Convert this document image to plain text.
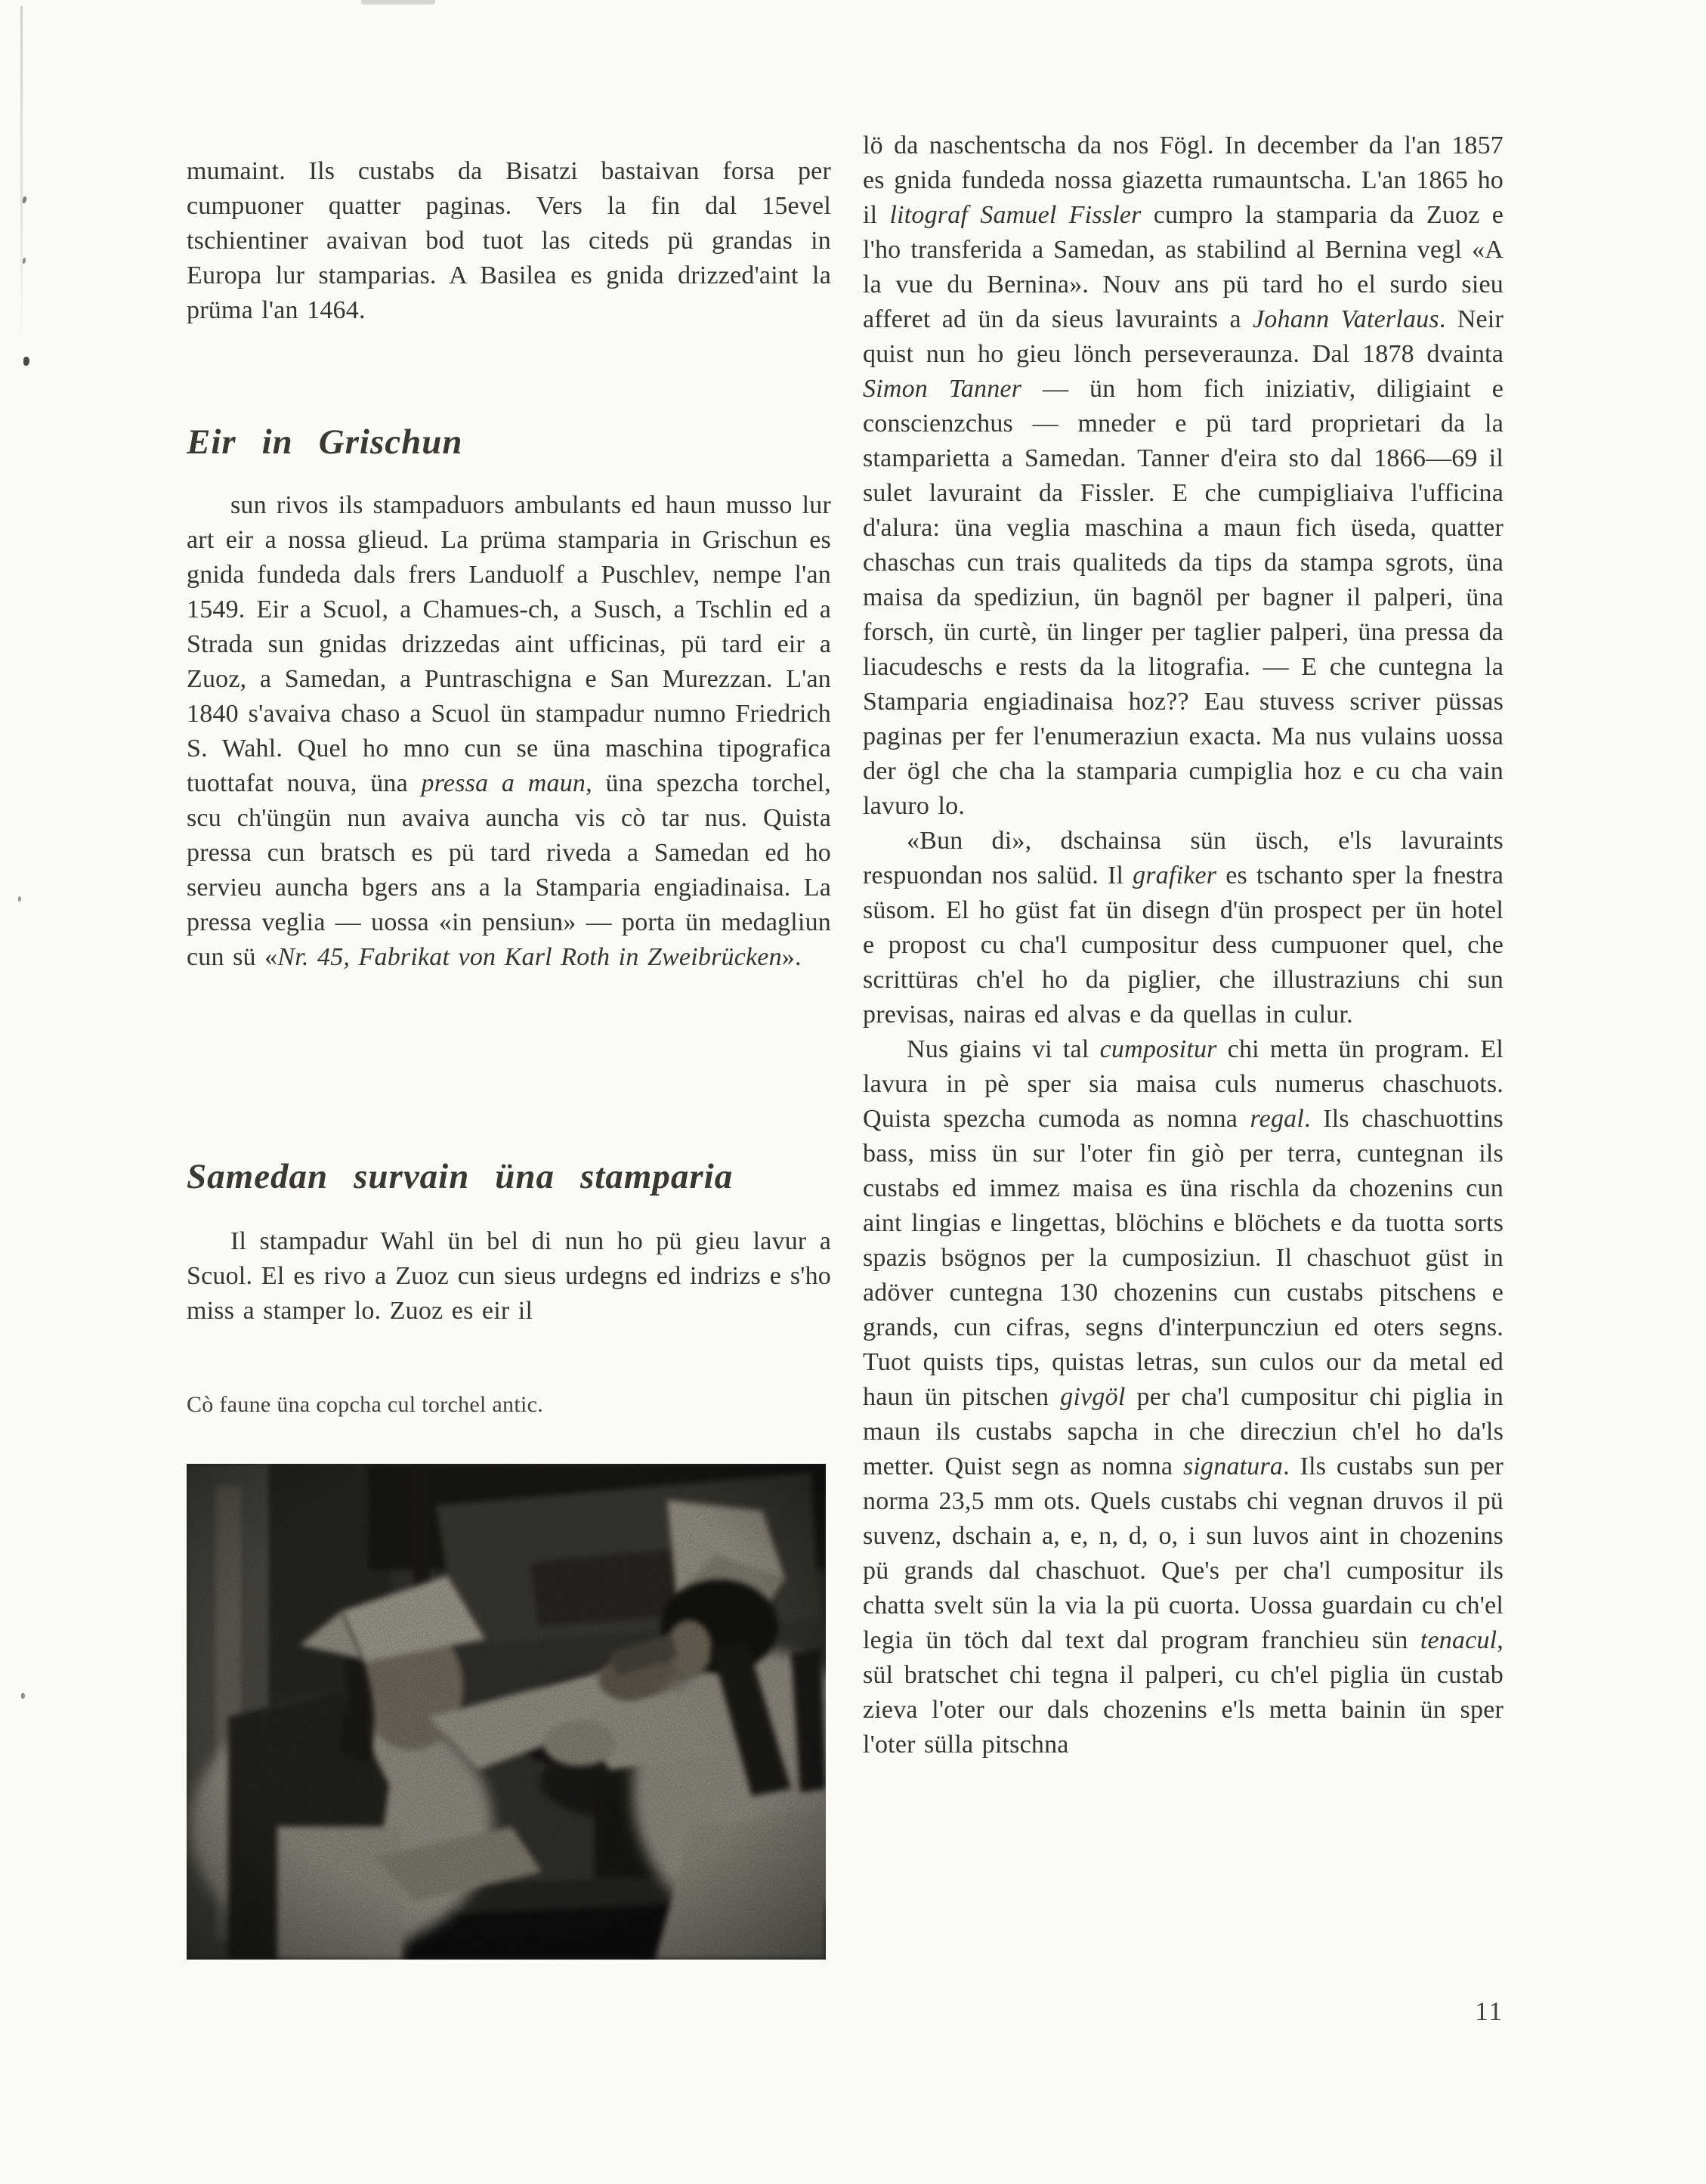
mumaint. Ils custabs da Bisatzi bastaivan forsa per cumpuoner quatter paginas. Vers la fin dal 15evel tschientiner avaivan bod tuot las citeds pü grandas in Europa lur stamparias. A Basilea es gnida drizzed'aint la prüma l'an 1464.

Eir in Grischun

sun rivos ils stampaduors ambulants ed haun musso lur art eir a nossa glieud. La prüma stamparia in Grischun es gnida fundeda dals frers Landuolf a Puschlev, nempe l'an 1549. Eir a Scuol, a Chamues-ch, a Susch, a Tschlin ed a Strada sun gnidas drizzedas aint ufficinas, pü tard eir a Zuoz, a Samedan, a Puntraschigna e San Murezzan. L'an 1840 s'avaiva chaso a Scuol ün stampadur numno Friedrich S. Wahl. Quel ho mno cun se üna maschina tipografica tuottafat nouva, üna pressa a maun, üna spezcha torchel, scu ch'üngün nun avaiva auncha vis cò tar nus. Quista pressa cun bratsch es pü tard riveda a Samedan ed ho servieu auncha bgers ans a la Stamparia engiadinaisa. La pressa veglia — uossa «in pensiun» — porta ün medagliun cun sü «Nr. 45, Fabrikat von Karl Roth in Zweibrücken».

Samedan survain üna stamparia

Il stampadur Wahl ün bel di nun ho pü gieu lavur a Scuol. El es rivo a Zuoz cun sieus urdegns ed indrizs e s'ho miss a stamper lo. Zuoz es eir il

Cò faune üna copcha cul torchel antic.

lö da naschentscha da nos Fögl. In december da l'an 1857 es gnida fundeda nossa giazetta rumauntscha. L'an 1865 ho il litograf Samuel Fissler cumpro la stamparia da Zuoz e l'ho transferida a Samedan, as stabilind al Bernina vegl «A la vue du Bernina». Nouv ans pü tard ho el surdo sieu afferet ad ün da sieus lavuraints a Johann Vaterlaus. Neir quist nun ho gieu lönch perseveraunza. Dal 1878 dvainta Simon Tanner — ün hom fich iniziativ, diligiaint e conscienzchus — mneder e pü tard proprietari da la stamparietta a Samedan. Tanner d'eira sto dal 1866—69 il sulet lavuraint da Fissler. E che cumpigliaiva l'ufficina d'alura: üna veglia maschina a maun fich üseda, quatter chaschas cun trais qualiteds da tips da stampa sgrots, üna maisa da spediziun, ün bagnöl per bagner il palperi, üna forsch, ün curtè, ün linger per taglier palperi, üna pressa da liacudeschs e rests da la litografia. — E che cuntegna la Stamparia engiadinaisa hoz?? Eau stuvess scriver püssas paginas per fer l'enumeraziun exacta. Ma nus vulains uossa der ögl che cha la stamparia cumpiglia hoz e cu cha vain lavuro lo.

«Bun di», dschainsa sün üsch, e'ls lavuraints respuondan nos salüd. Il grafiker es tschanto sper la fnestra süsom. El ho güst fat ün disegn d'ün prospect per ün hotel e propost cu cha'l cumpositur dess cumpuoner quel, che scrittüras ch'el ho da piglier, che illustraziuns chi sun previsas, nairas ed alvas e da quellas in culur.

Nus giains vi tal cumpositur chi metta ün program. El lavura in pè sper sia maisa culs numerus chaschuots. Quista spezcha cumoda as nomna regal. Ils chaschuottins bass, miss ün sur l'oter fin giò per terra, cuntegnan ils custabs ed immez maisa es üna rischla da chozenins cun aint lingias e lingettas, blöchins e blöchets e da tuotta sorts spazis bsögnos per la cumposiziun. Il chaschuot güst in adöver cuntegna 130 chozenins cun custabs pitschens e grands, cun cifras, segns d'interpuncziun ed oters segns. Tuot quists tips, quistas letras, sun culos our da metal ed haun ün pitschen givgöl per cha'l cumpositur chi piglia in maun ils custabs sapcha in che direcziun ch'el ho da'ls metter. Quist segn as nomna signatura. Ils custabs sun per norma 23,5 mm ots. Quels custabs chi vegnan druvos il pü suvenz, dschain a, e, n, d, o, i sun luvos aint in chozenins pü grands dal chaschuot. Que's per cha'l cumpositur ils chatta svelt sün la via la pü cuorta. Uossa guardain cu ch'el legia ün töch dal text dal program franchieu sün tenacul, sül bratschet chi tegna il palperi, cu ch'el piglia ün custab zieva l'oter our dals chozenins e'ls metta bainin ün sper l'oter sülla pitschna

11
